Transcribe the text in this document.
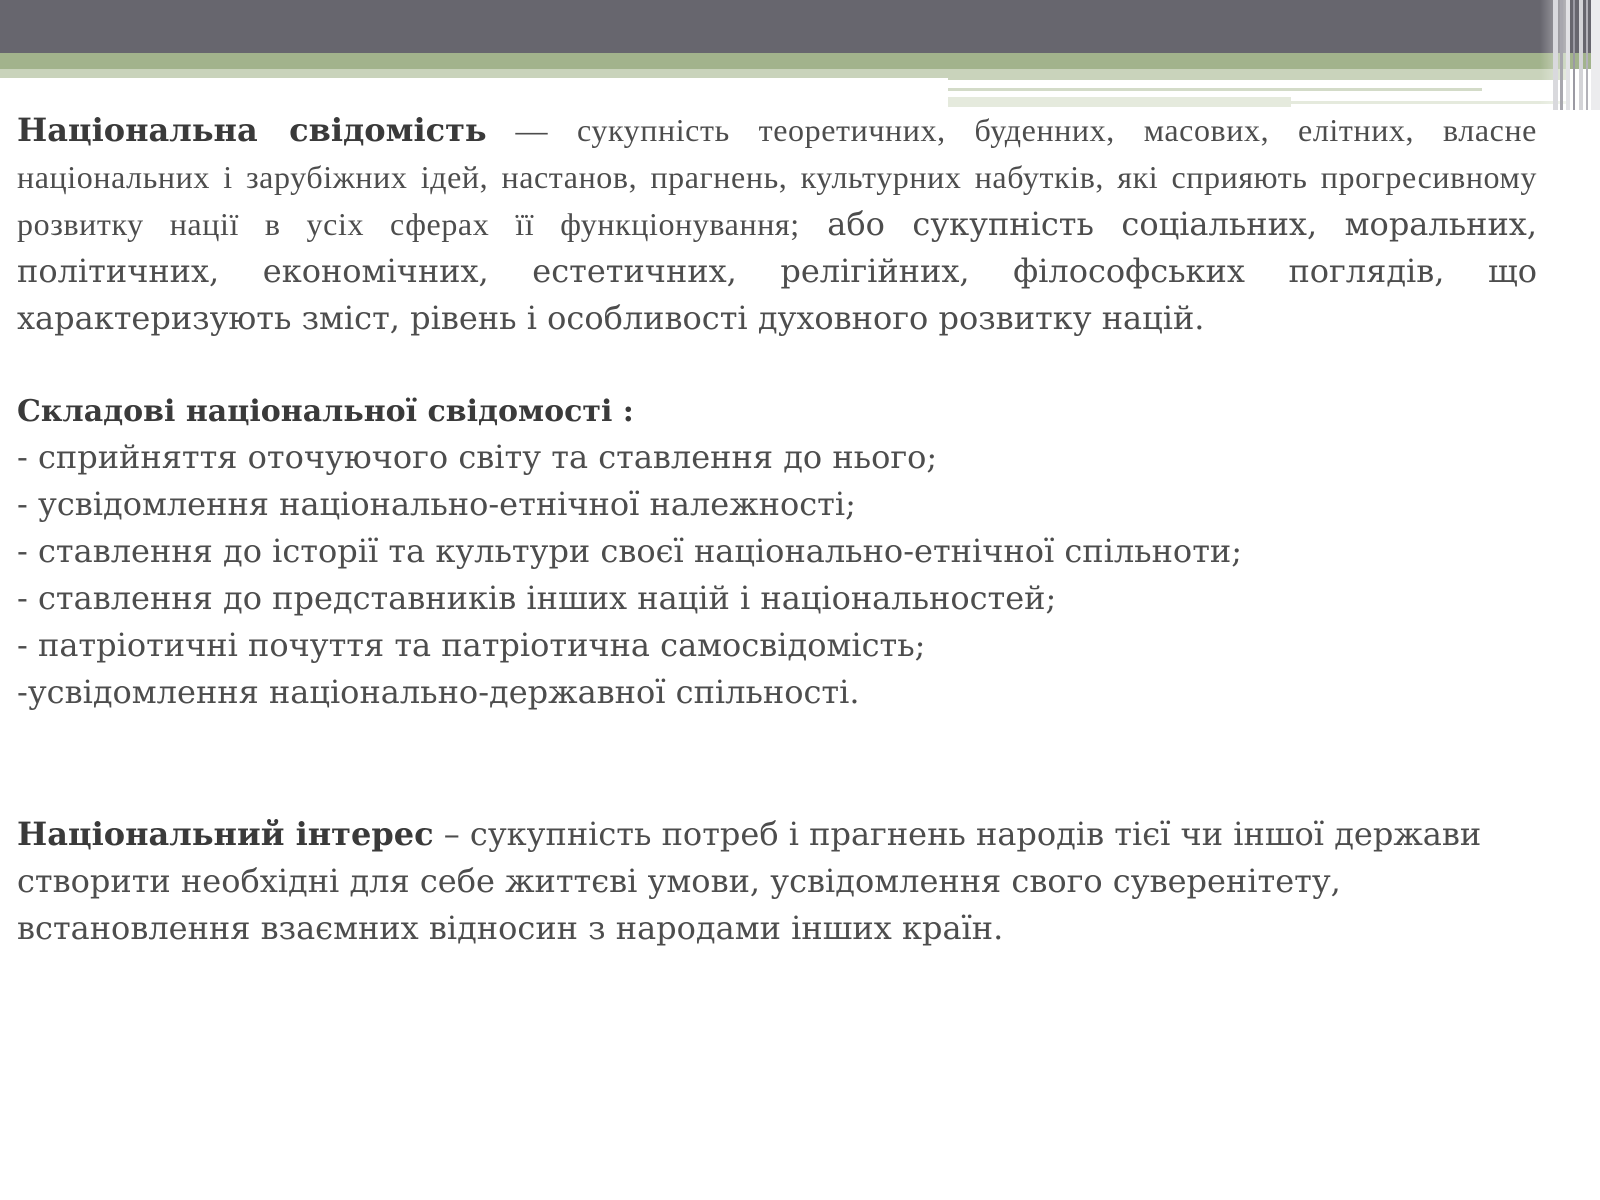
Національна свідомість — сукупність теоретичних, буденних, масових, елітних, власне національних і зарубіжних ідей, настанов, прагнень, культурних набутків, які сприяють прогресивному розвитку нації в усіх сферах її функціонування; або сукупність соціальних, моральних, політичних, економічних, естетичних, релігійних, філософських поглядів, що характеризують зміст, рівень і особливості духовного розвитку націй.

Складові національної свідомості :

- сприйняття оточуючого світу та ставлення до нього;
- усвідомлення національно-етнічної належності;
- ставлення до історії та культури своєї національно-етнічної спільноти;
- ставлення до представників інших націй і національностей;
- патріотичні почуття та патріотична самосвідомість;
-усвідомлення національно-державної спільності.

Національний інтерес – сукупність потреб і прагнень народів тієї чи іншої держави створити необхідні для себе життєві умови, усвідомлення свого суверенітету, встановлення взаємних відносин з народами інших країн.
